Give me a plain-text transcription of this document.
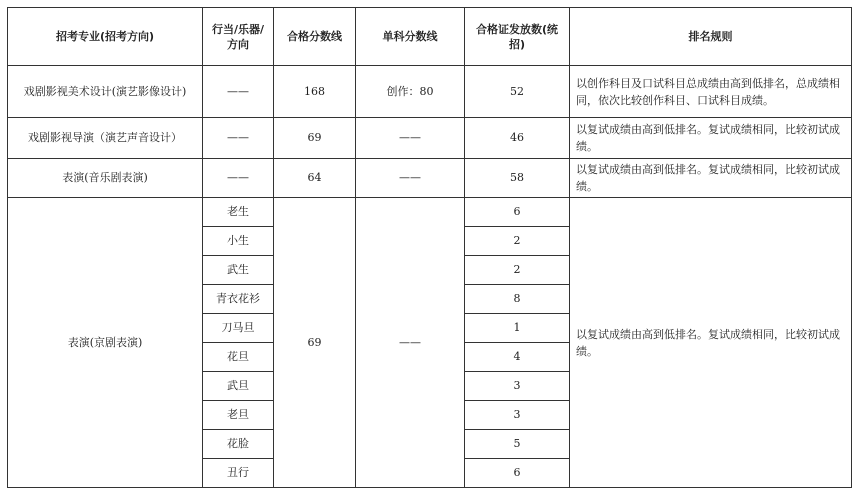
招考专业(招考方向)	行当/乐器/方向	合格分数线	单科分数线	合格证发放数(统招)	排名规则
戏剧影视美术设计(演艺影像设计)	——	168	创作：80	52	以创作科目及口试科目总成绩由高到低排名，总成绩相同，依次比较创作科目、口试科目成绩。
戏剧影视导演（演艺声音设计）	——	69	——	46	以复试成绩由高到低排名。复试成绩相同，比较初试成绩。
表演(音乐剧表演)	——	64	——	58	以复试成绩由高到低排名。复试成绩相同，比较初试成绩。
表演(京剧表演)	老生	69	——	6	以复试成绩由高到低排名。复试成绩相同，比较初试成绩。
	小生			2	
	武生			2	
	青衣花衫			8	
	刀马旦			1	
	花旦			4	
	武旦			3	
	老旦			3	
	花脸			5	
	丑行			6	
